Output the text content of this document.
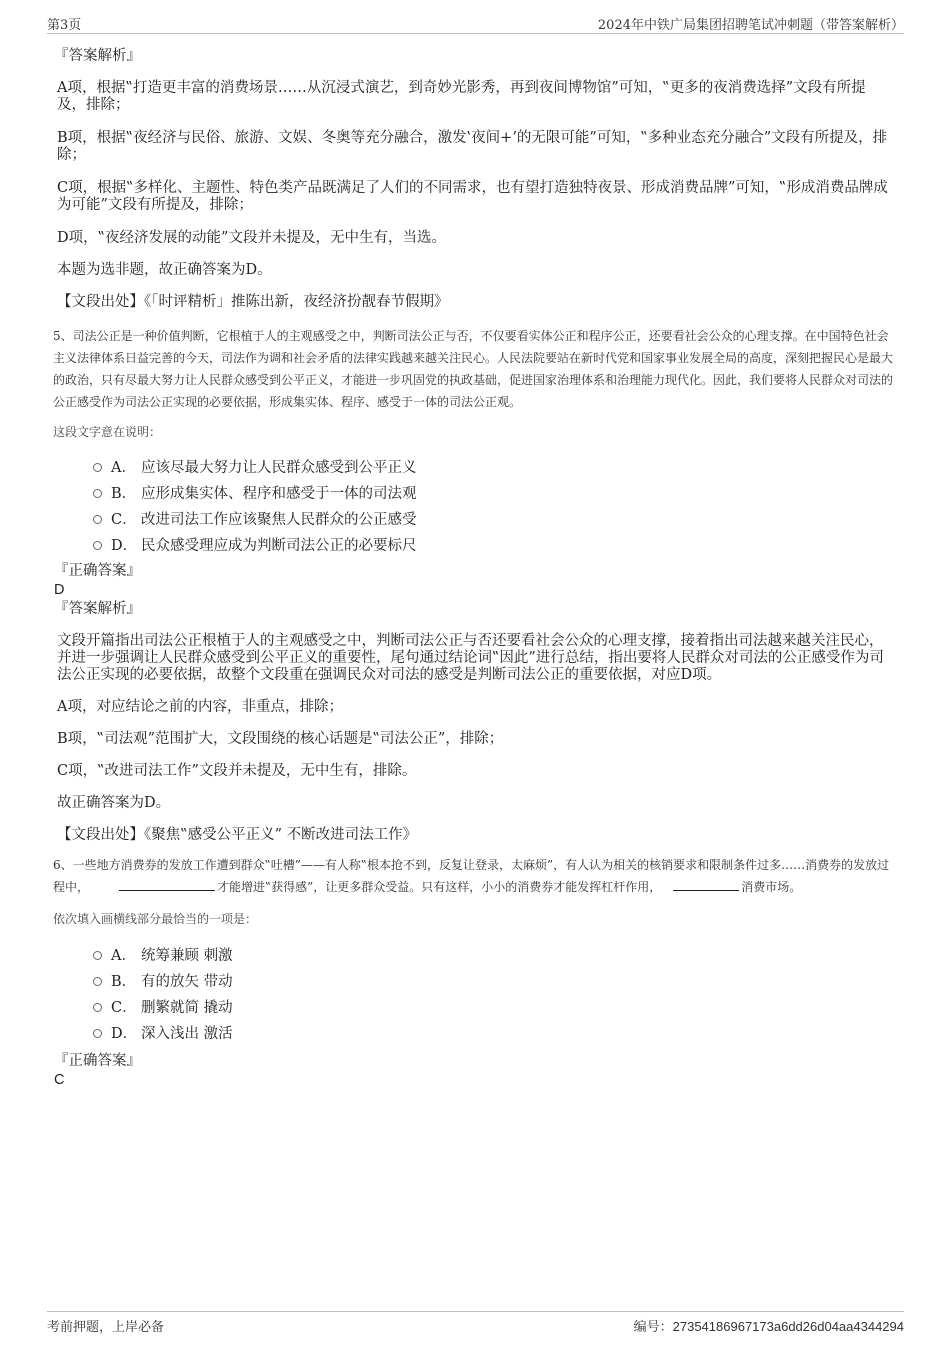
第3页	2024年中铁广局集团招聘笔试冲刺题（带答案解析）

『答案解析』

A项，根据‟打造更丰富的消费场景……从沉浸式演艺，到奇妙光影秀，再到夜间博物馆”可知，‟更多的夜消费选择”文段有所提及，排除；

B项，根据‟夜经济与民俗、旅游、文娱、冬奥等充分融合，激发‛夜间+’的无限可能”可知，‟多种业态充分融合”文段有所提及，排除；

C项，根据‟多样化、主题性、特色类产品既满足了人们的不同需求，也有望打造独特夜景、形成消费品牌”可知，‟形成消费品牌成为可能”文段有所提及，排除；

D项，‟夜经济发展的动能”文段并未提及，无中生有，当选。

本题为选非题，故正确答案为D。

【文段出处】《「时评精析」推陈出新，夜经济扮靓春节假期》

5、司法公正是一种价值判断，它根植于人的主观感受之中，判断司法公正与否，不仅要看实体公正和程序公正，还要看社会公众的心理支撑。在中国特色社会主义法律体系日益完善的今天，司法作为调和社会矛盾的法律实践越来越关注民心。人民法院要站在新时代党和国家事业发展全局的高度，深刻把握民心是最大的政治，只有尽最大努力让人民群众感受到公平正义，才能进一步巩固党的执政基础，促进国家治理体系和治理能力现代化。因此，我们要将人民群众对司法的公正感受作为司法公正实现的必要依据，形成集实体、程序、感受于一体的司法公正观。

这段文字意在说明：

A． 应该尽最大努力让人民群众感受到公平正义
B． 应形成集实体、程序和感受于一体的司法观
C． 改进司法工作应该聚焦人民群众的公正感受
D． 民众感受理应成为判断司法公正的必要标尺

『正确答案』

D

『答案解析』

文段开篇指出司法公正根植于人的主观感受之中，判断司法公正与否还要看社会公众的心理支撑，接着指出司法越来越关注民心，并进一步强调让人民群众感受到公平正义的重要性，尾句通过结论词‟因此”进行总结，指出要将人民群众对司法的公正感受作为司法公正实现的必要依据，故整个文段重在强调民众对司法的感受是判断司法公正的重要依据，对应D项。

A项，对应结论之前的内容，非重点，排除；

B项，‟司法观”范围扩大，文段围绕的核心话题是‟司法公正”，排除；

C项，‟改进司法工作”文段并未提及，无中生有，排除。

故正确答案为D。

【文段出处】《聚焦‟感受公平正义” 不断改进司法工作》

6、一些地方消费券的发放工作遭到群众‟吐槽”——有人称‟根本抢不到，反复让登录，太麻烦”，有人认为相关的核销要求和限制条件过多……消费券的发放过程中，	才能增进‟获得感”，让更多群众受益。只有这样，小小的消费券才能发挥杠杆作用，	消费市场。

依次填入画横线部分最恰当的一项是：

A． 统筹兼顾 刺激
B． 有的放矢 带动
C． 删繁就简 撬动
D． 深入浅出 激活

『正确答案』

C

考前押题，上岸必备	编号：27354186967173a6dd26d04aa4344294
